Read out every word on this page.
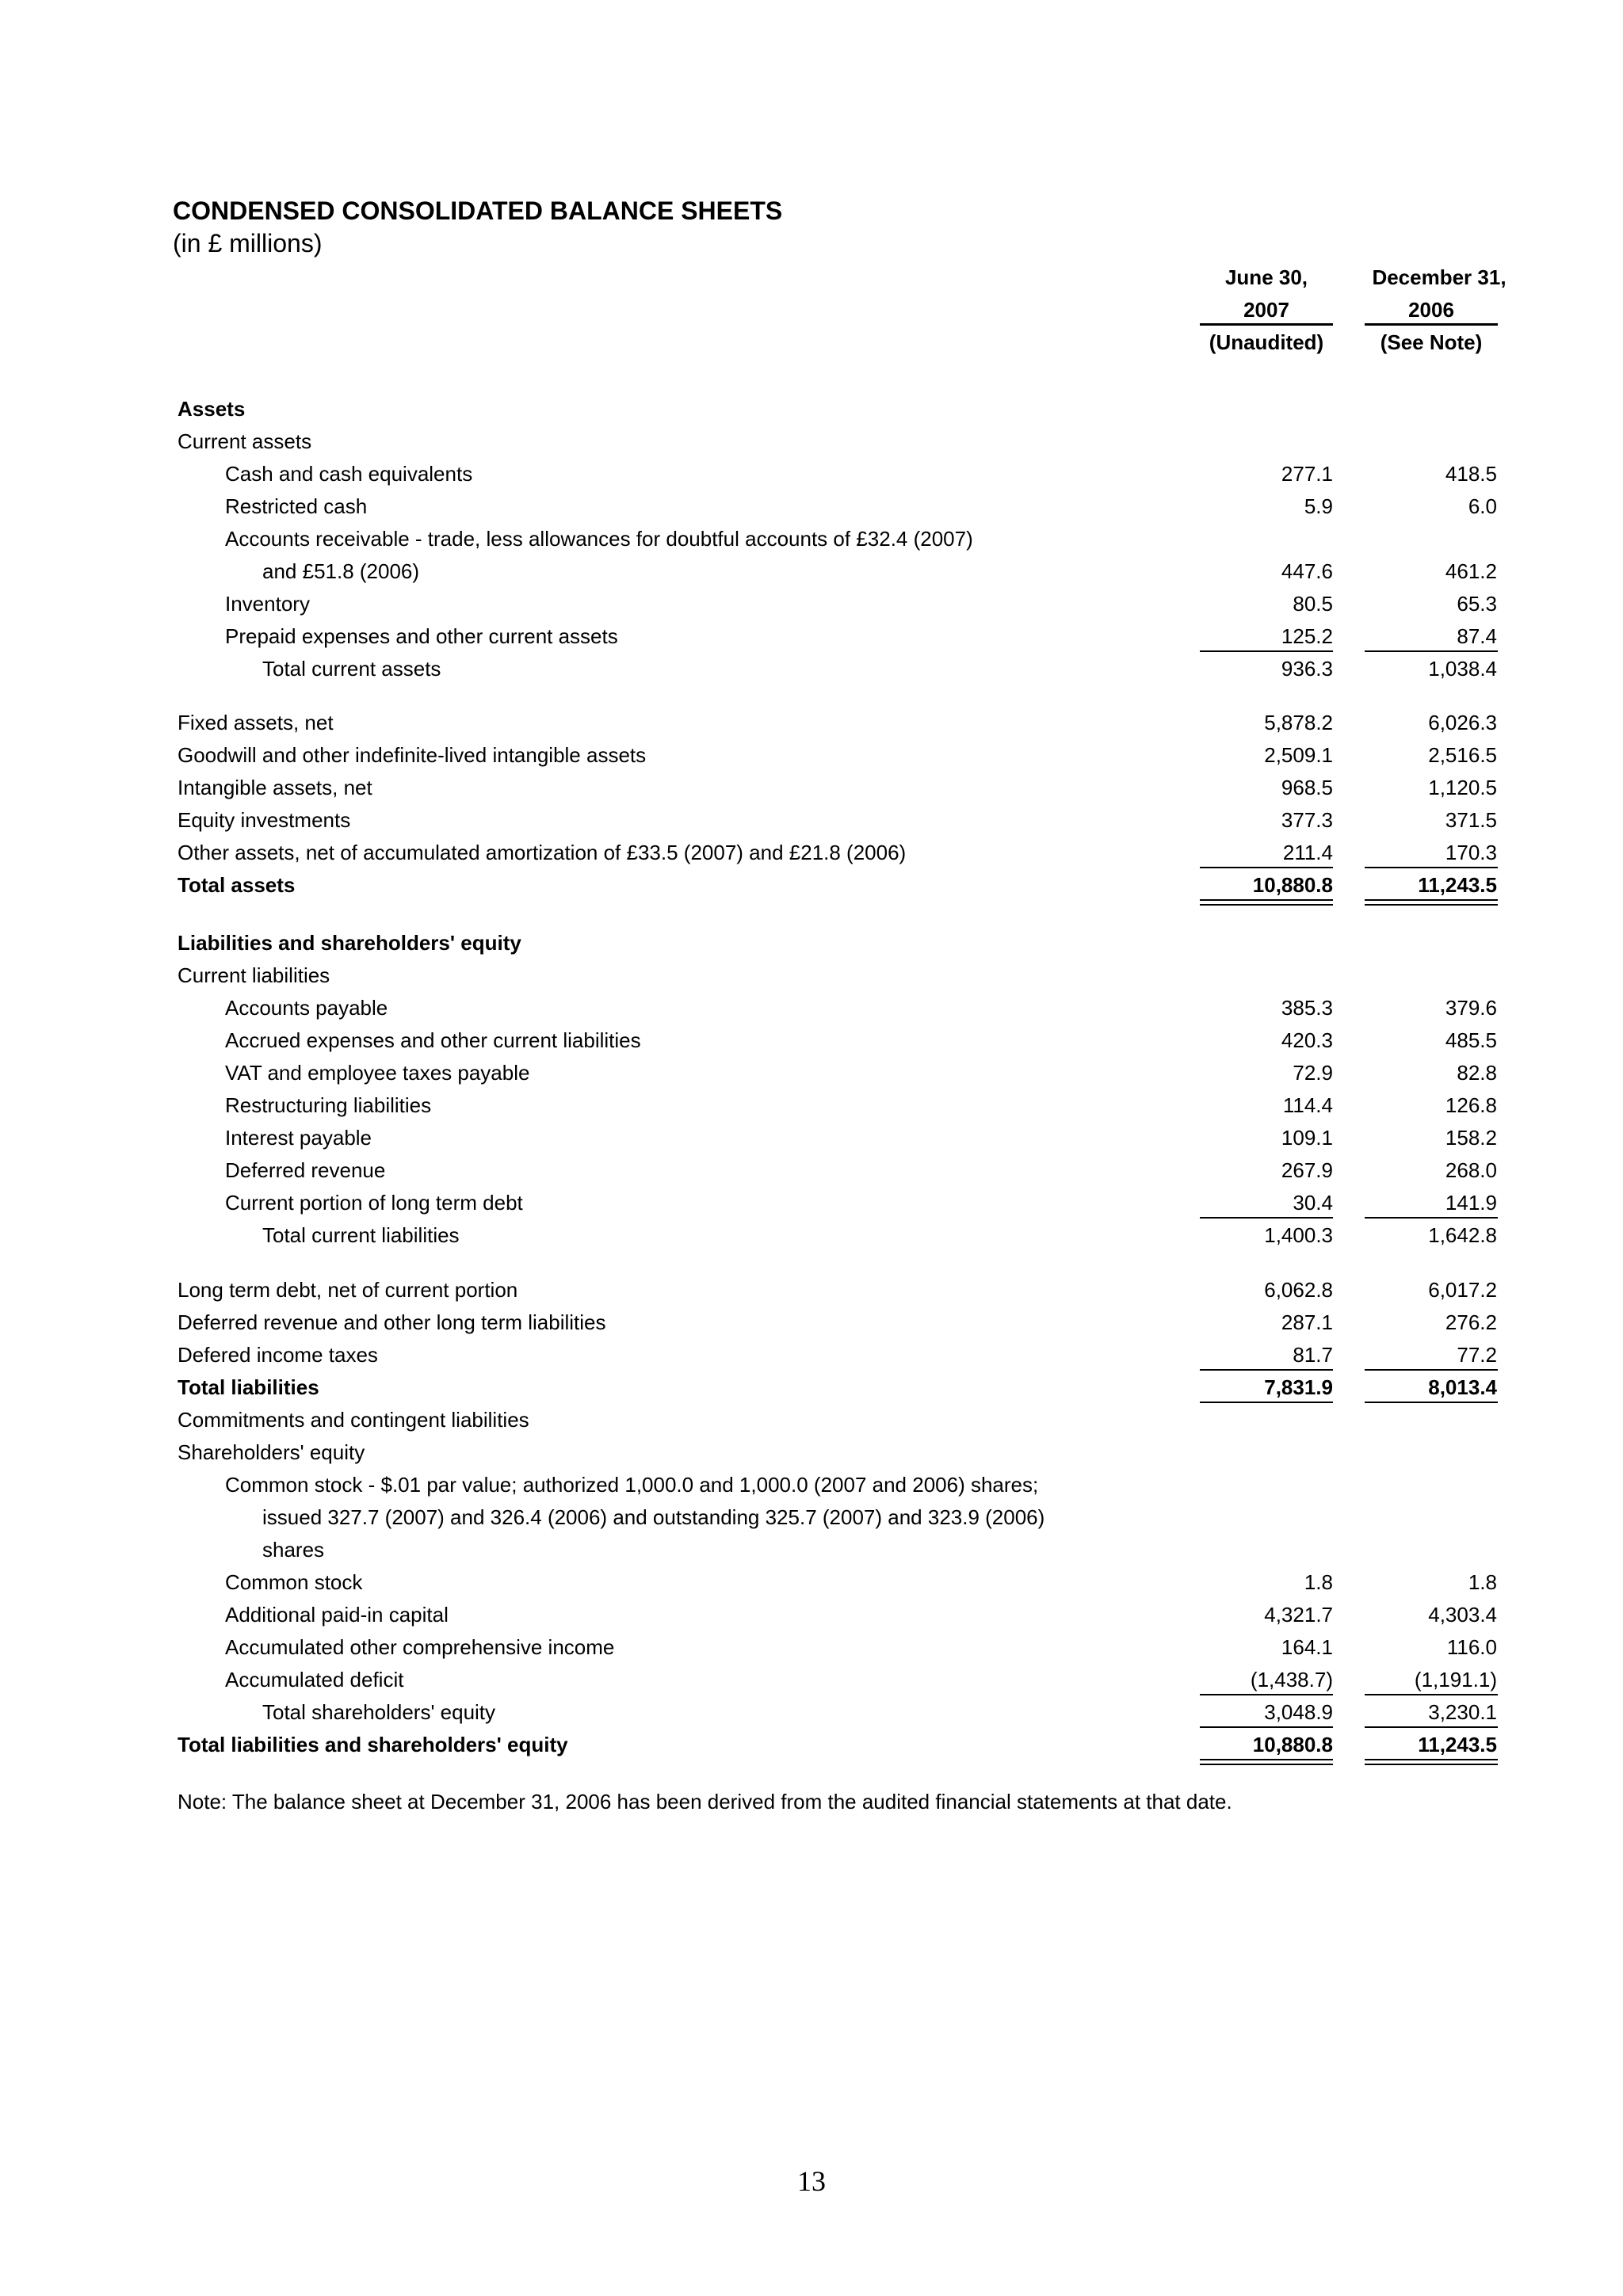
CONDENSED CONSOLIDATED BALANCE SHEETS
(in £ millions)
June 30,
2007
(Unaudited)
December 31,
2006
(See Note)
Assets
Current assets
Cash and cash equivalents	277.1	418.5
Restricted cash	5.9	6.0
Accounts receivable - trade, less allowances for doubtful accounts of £32.4 (2007)
and £51.8 (2006)	447.6	461.2
Inventory	80.5	65.3
Prepaid expenses and other current assets	125.2	87.4
Total current assets	936.3	1,038.4
Fixed assets, net	5,878.2	6,026.3
Goodwill and other indefinite-lived intangible assets	2,509.1	2,516.5
Intangible assets, net	968.5	1,120.5
Equity investments	377.3	371.5
Other assets, net of accumulated amortization of £33.5 (2007) and £21.8 (2006)	211.4	170.3
Total assets	10,880.8	11,243.5
Liabilities and shareholders' equity
Current liabilities
Accounts payable	385.3	379.6
Accrued expenses and other current liabilities	420.3	485.5
VAT and employee taxes payable	72.9	82.8
Restructuring liabilities	114.4	126.8
Interest payable	109.1	158.2
Deferred revenue	267.9	268.0
Current portion of long term debt	30.4	141.9
Total current liabilities	1,400.3	1,642.8
Long term debt, net of current portion	6,062.8	6,017.2
Deferred revenue and other long term liabilities	287.1	276.2
Defered income taxes	81.7	77.2
Total liabilities	7,831.9	8,013.4
Commitments and contingent liabilities
Shareholders' equity
Common stock - $.01 par value; authorized 1,000.0 and 1,000.0 (2007 and 2006) shares;
issued 327.7 (2007) and 326.4 (2006) and outstanding 325.7 (2007) and 323.9 (2006)
shares
Common stock	1.8	1.8
Additional paid-in capital	4,321.7	4,303.4
Accumulated other comprehensive income	164.1	116.0
Accumulated deficit	(1,438.7)	(1,191.1)
Total shareholders' equity	3,048.9	3,230.1
Total liabilities and shareholders' equity	10,880.8	11,243.5
Note: The balance sheet at December 31, 2006 has been derived from the audited financial statements at that date.
13
